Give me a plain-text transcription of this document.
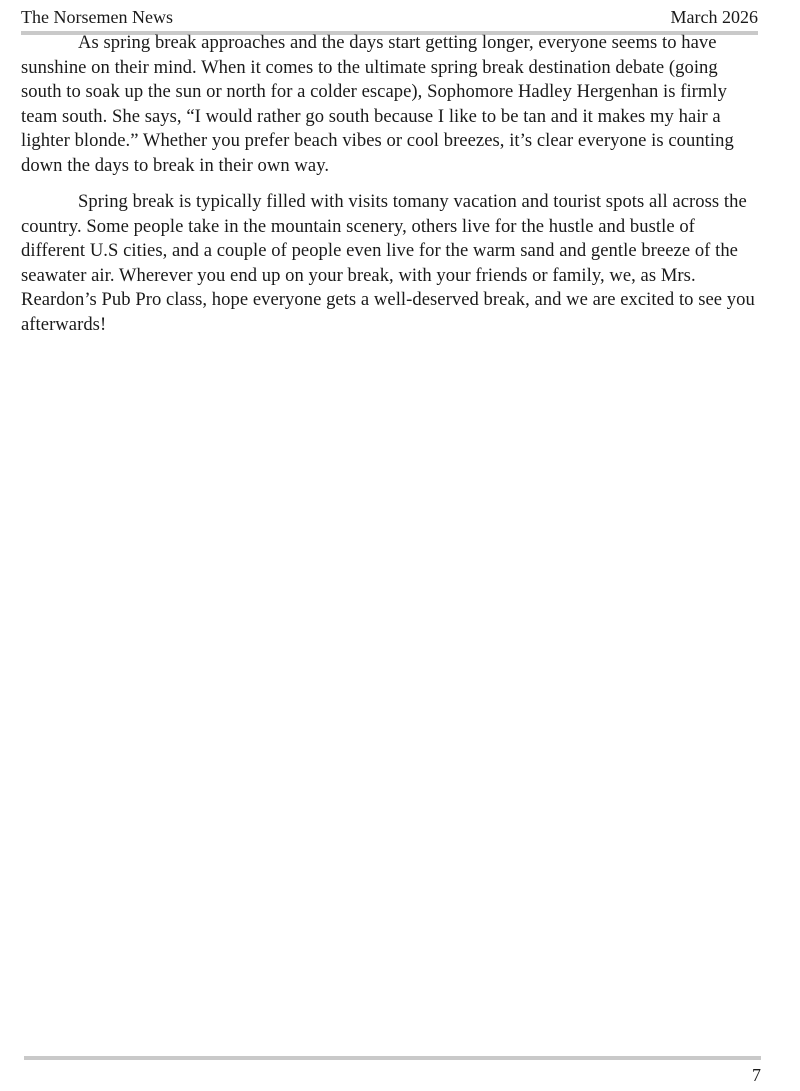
The Norsemen News	March 2026

As spring break approaches and the days start getting longer, everyone seems to have sunshine on their mind. When it comes to the ultimate spring break destination debate (going south to soak up the sun or north for a colder escape), Sophomore Hadley Hergenhan is firmly team south. She says, “I would rather go south because I like to be tan and it makes my hair a lighter blonde.” Whether you prefer beach vibes or cool breezes, it’s clear everyone is counting down the days to break in their own way.

Spring break is typically filled with visits tomany vacation and tourist spots all across the country. Some people take in the mountain scenery, others live for the hustle and bustle of different U.S cities, and a couple of people even live for the warm sand and gentle breeze of the seawater air. Wherever you end up on your break, with your friends or family, we, as Mrs. Reardon’s Pub Pro class, hope everyone gets a well-deserved break, and we are excited to see you afterwards!

7
